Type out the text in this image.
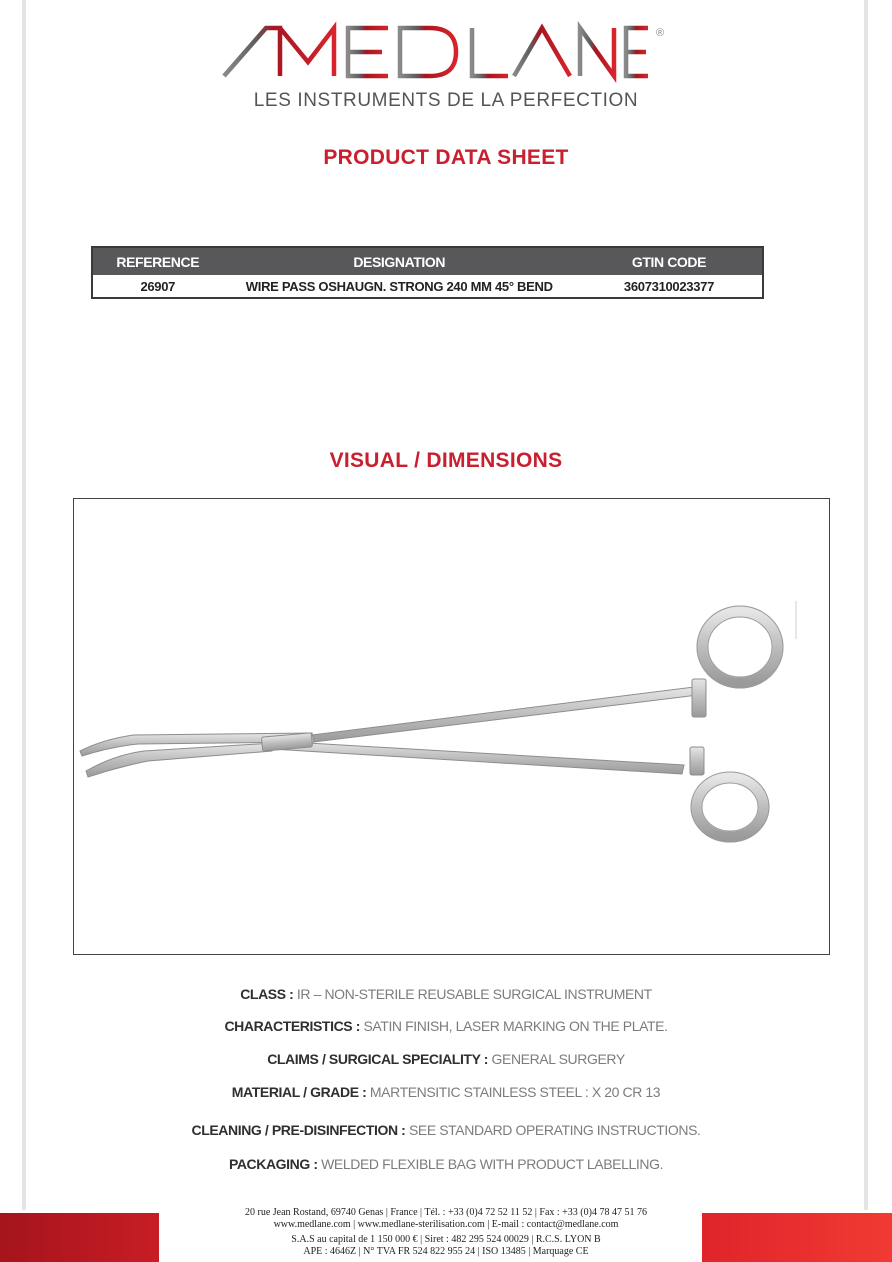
®
LES INSTRUMENTS DE LA PERFECTION
PRODUCT DATA SHEET
REFERENCE	DESIGNATION	GTIN CODE
26907	WIRE PASS OSHAUGN. STRONG 240 MM 45° BEND	3607310023377
VISUAL / DIMENSIONS
CLASS : IR – NON-STERILE REUSABLE SURGICAL INSTRUMENT
CHARACTERISTICS : SATIN FINISH, LASER MARKING ON THE PLATE.
CLAIMS / SURGICAL SPECIALITY : GENERAL SURGERY
MATERIAL / GRADE : MARTENSITIC STAINLESS STEEL : X 20 CR 13
CLEANING / PRE-DISINFECTION : SEE STANDARD OPERATING INSTRUCTIONS.
PACKAGING : WELDED FLEXIBLE BAG WITH PRODUCT LABELLING.
20 rue Jean Rostand, 69740 Genas | France | Tél. : +33 (0)4 72 52 11 52 | Fax : +33 (0)4 78 47 51 76
www.medlane.com | www.medlane-sterilisation.com | E-mail : contact@medlane.com
S.A.S au capital de 1 150 000 € | Siret : 482 295 524 00029 | R.C.S. LYON B
APE : 4646Z | N° TVA FR 524 822 955 24 | ISO 13485 | Marquage CE
